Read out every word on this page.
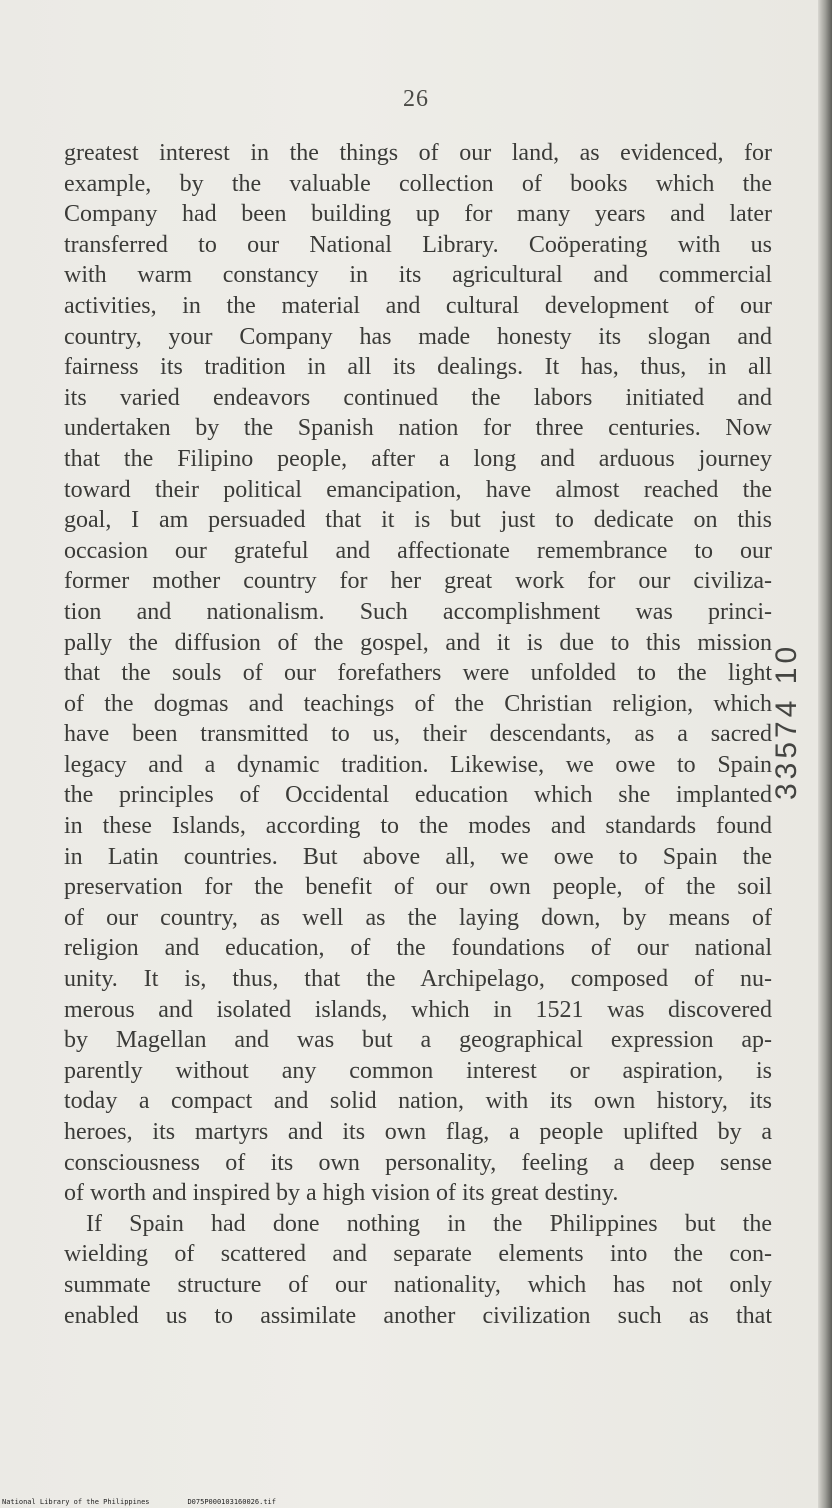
26
greatest interest in the things of our land, as evidenced, for
example, by the valuable collection of books which the
Company had been building up for many years and later
transferred to our National Library. Coöperating with us
with warm constancy in its agricultural and commercial
activities, in the material and cultural development of our
country, your Company has made honesty its slogan and
fairness its tradition in all its dealings. It has, thus, in all
its varied endeavors continued the labors initiated and
undertaken by the Spanish nation for three centuries. Now
that the Filipino people, after a long and arduous journey
toward their political emancipation, have almost reached the
goal, I am persuaded that it is but just to dedicate on this
occasion our grateful and affectionate remembrance to our
former mother country for her great work for our civiliza-
tion and nationalism. Such accomplishment was princi-
pally the diffusion of the gospel, and it is due to this mission
that the souls of our forefathers were unfolded to the light
of the dogmas and teachings of the Christian religion, which
have been transmitted to us, their descendants, as a sacred
legacy and a dynamic tradition. Likewise, we owe to Spain
the principles of Occidental education which she implanted
in these Islands, according to the modes and standards found
in Latin countries. But above all, we owe to Spain the
preservation for the benefit of our own people, of the soil
of our country, as well as the laying down, by means of
religion and education, of the foundations of our national
unity. It is, thus, that the Archipelago, composed of nu-
merous and isolated islands, which in 1521 was discovered
by Magellan and was but a geographical expression ap-
parently without any common interest or aspiration, is
today a compact and solid nation, with its own history, its
heroes, its martyrs and its own flag, a people uplifted by a
consciousness of its own personality, feeling a deep sense
of worth and inspired by a high vision of its great destiny.
If Spain had done nothing in the Philippines but the
wielding of scattered and separate elements into the con-
summate structure of our nationality, which has not only
enabled us to assimilate another civilization such as that
33574 10
National Library of the Philippines	D075P000103160026.tif
